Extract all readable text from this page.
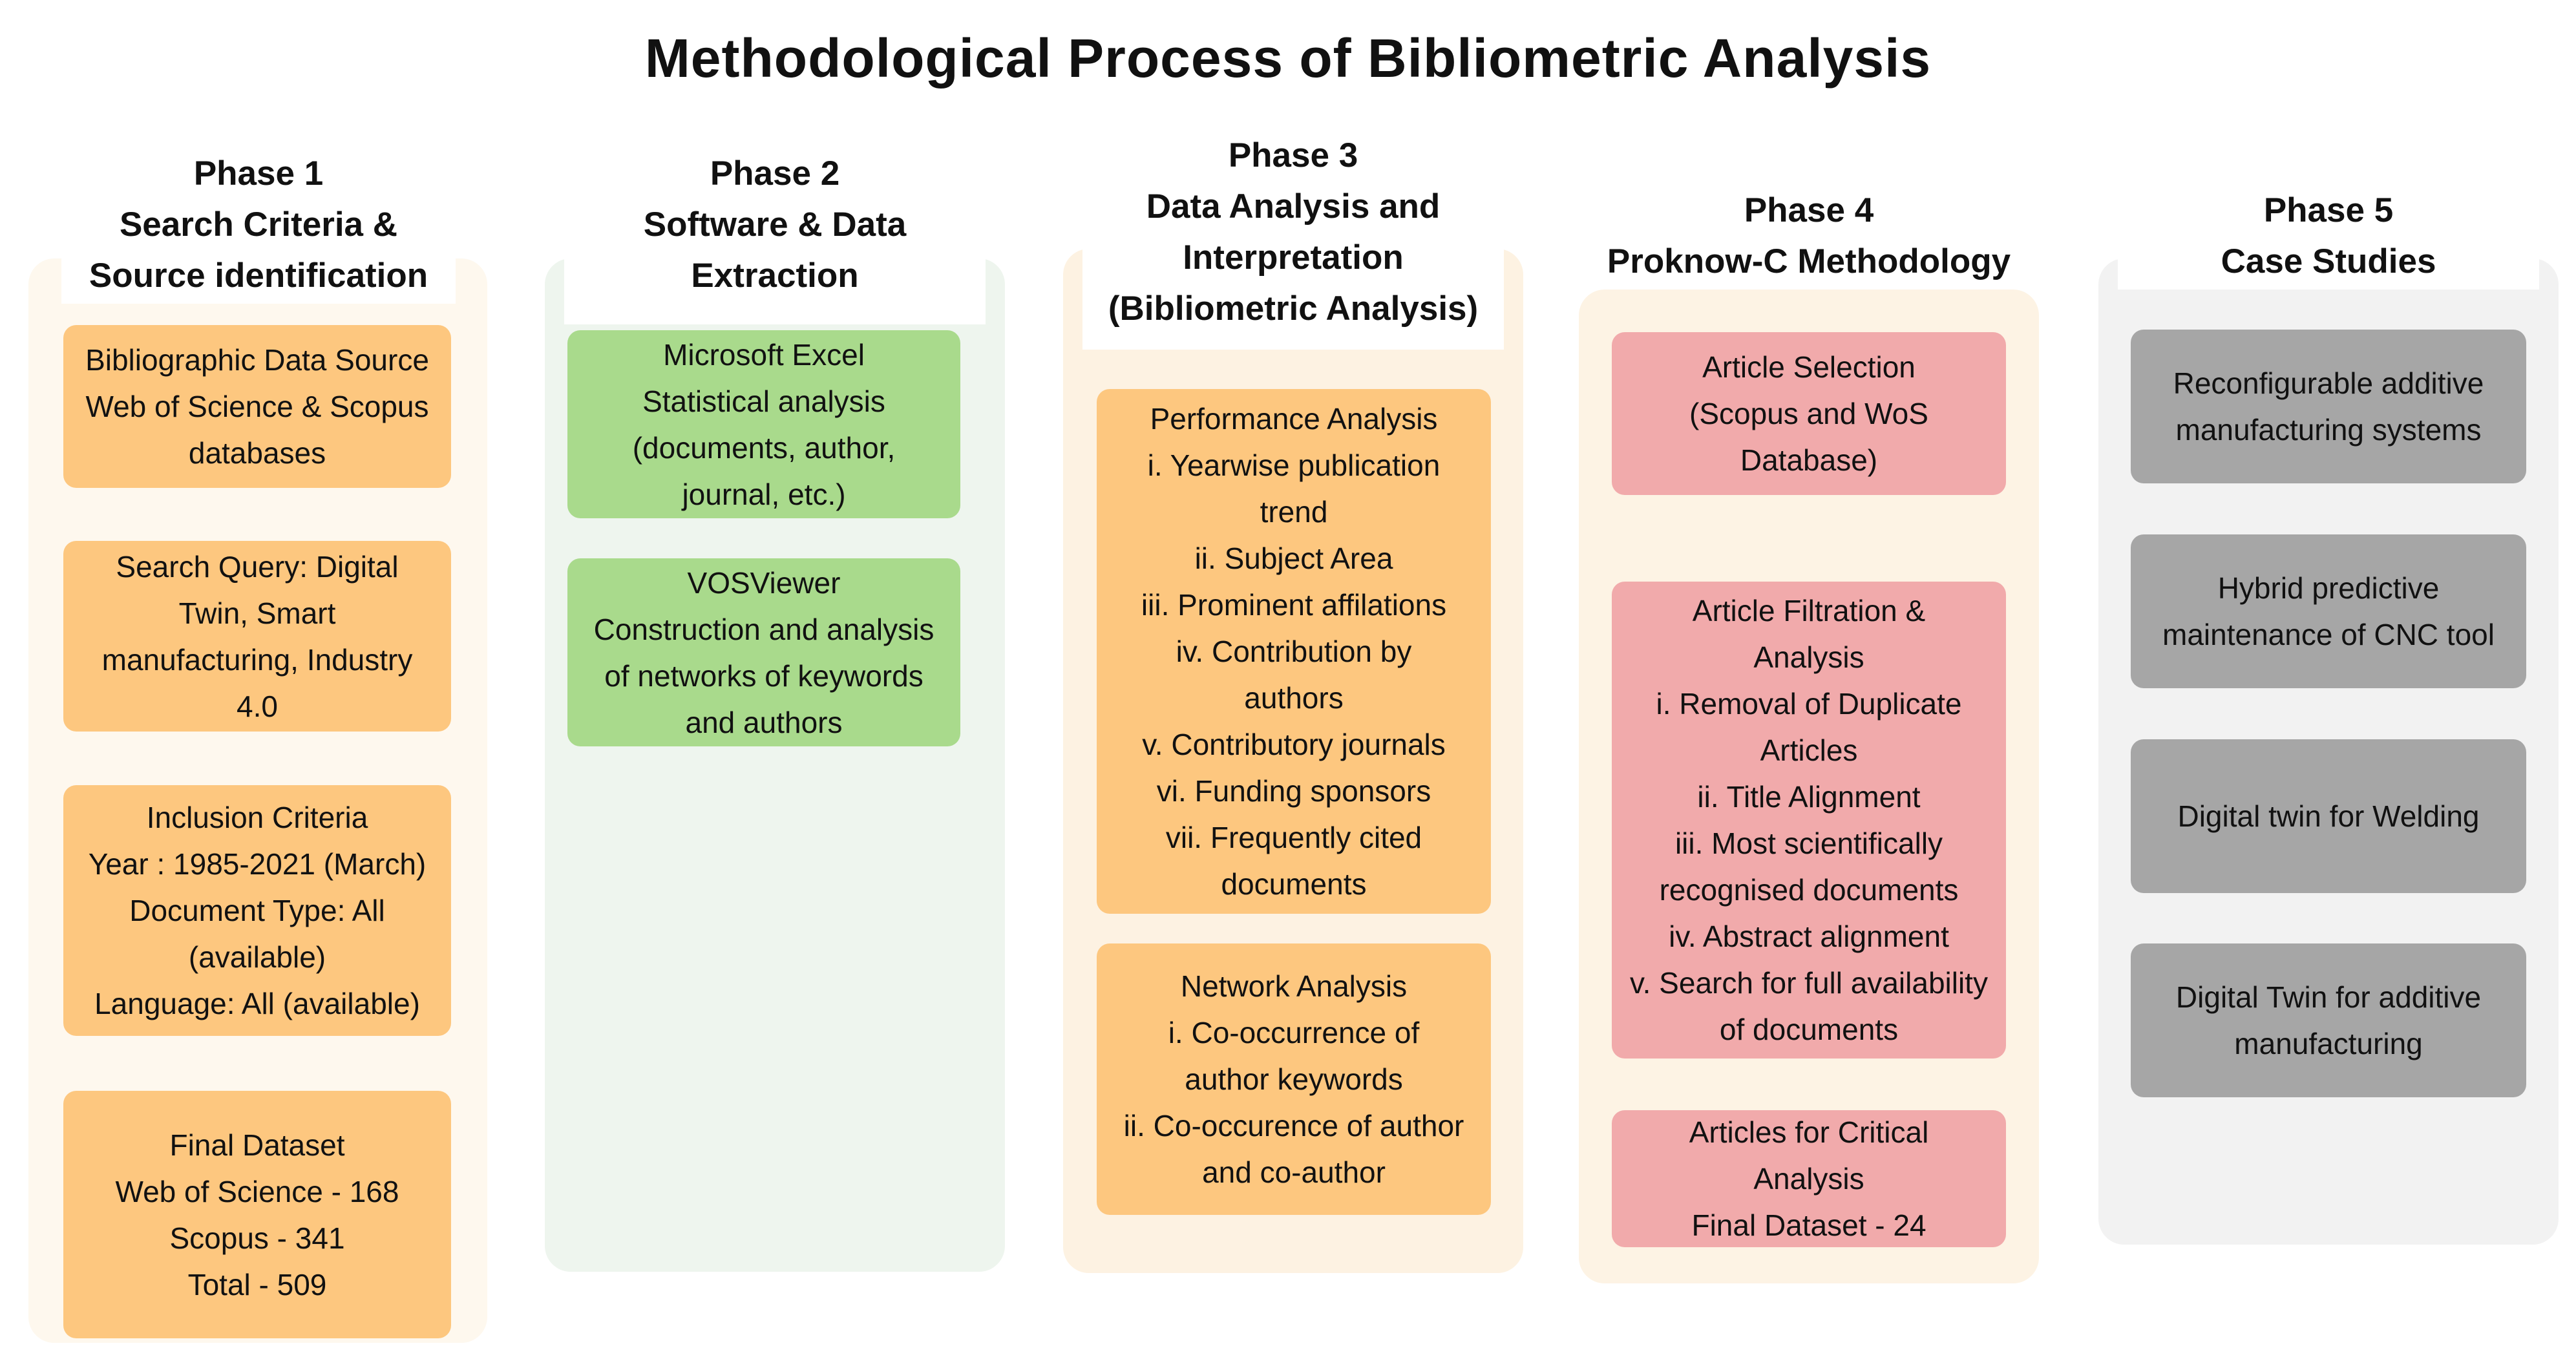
Methodological Process of Bibliometric Analysis
Phase 1
Search Criteria &
Source identification
Bibliographic Data Source
Web of Science & Scopus
databases
Search Query: Digital
Twin, Smart
manufacturing, Industry
4.0
Inclusion Criteria
Year : 1985-2021 (March)
Document Type: All
(available)
Language: All (available)
Final Dataset
Web of Science - 168
Scopus - 341
Total - 509
Phase 2
Software & Data
Extraction
Microsoft Excel
Statistical analysis
(documents, author,
journal, etc.)
VOSViewer
Construction and analysis
of networks of keywords
and authors
Phase 3
Data Analysis and
Interpretation
(Bibliometric Analysis)
Performance Analysis
i. Yearwise publication
trend
ii. Subject Area
iii. Prominent affilations
iv. Contribution by
authors
v. Contributory journals
vi. Funding sponsors
vii. Frequently cited
documents
Network Analysis
i. Co-occurrence of
author keywords
ii. Co-occurence of author
and co-author
Phase 4
Proknow-C Methodology
Article Selection
(Scopus and WoS
Database)
Article Filtration &
Analysis
i. Removal of Duplicate
Articles
ii. Title Alignment
iii. Most scientifically
recognised documents
iv. Abstract alignment
v. Search for full availability
of documents
Articles for Critical
Analysis
Final Dataset - 24
Phase 5
Case Studies
Reconfigurable additive
manufacturing systems
Hybrid predictive
maintenance of CNC tool
Digital twin for Welding
Digital Twin for additive
manufacturing
